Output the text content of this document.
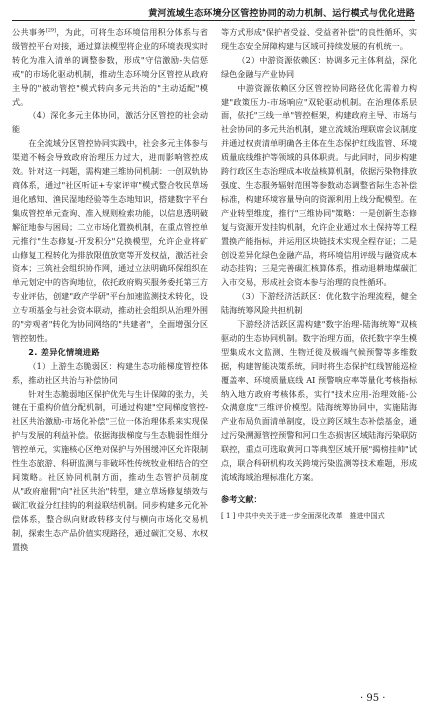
黄河流域生态环境分区管控协同的动力机制、运行模式与优化进路

公共事务[29]，为此，可将生态环境信用积分体系与省级管控平台对接，通过算法模型将企业的环境表现实时转化为准入清单的调整参数，形成"守信激励-失信惩戒"的市场化驱动机制，推动生态环境分区管控从政府主导的"被动管控"模式转向多元共治的"主动适配"模式。

（4）深化多元主体协同，激活分区管控的社会动能

在全流域分区管控协同实践中，社会多元主体参与渠道不畅会导致政府治理压力过大，进而影响管控成效。针对这一问题，需构建三维协同机制：一创双轨协商体系，通过"社区听证+专家评审"模式整合牧民草场退化感知、渔民湿地经验等生态地知识，搭建数字平台集成管控单元查询、准入规则检索功能，以信息透明破解征地参与困局；二立市场化置换机制，在重点管控单元推行"生态修复-开发积分"兑换模型，允许企业将矿山修复工程转化为排放限值放宽等开发权益，激活社会资本；三筑社会组织协作网，通过立法明确环保组织在单元划定中的咨询地位，依托政府购买服务委托第三方专业评估，创建"政产学研"平台加速监测技术转化，设立专项基金与社会资本联动，推动社会组织从治理外围的"旁观者"转化为协同网络的"共建者"，全面增强分区管控韧性。

2. 差异化情境进路

（1）上游生态脆弱区：构建生态功能梯度管控体系，推动社区共治与补偿协同

针对生态脆弱地区保护优先与生计保障的张力，关键在于重构价值分配机制，可通过构建"空间梯度管控-社区共治激励-市场化补偿"三位一体治理体系来实现保护与发展的利益补偿。依据海拔梯度与生态脆弱性细分管控单元，实施核心区绝对保护与外围缓冲区允许限制性生态旅游、科研监测与非破坏性传统牧业相结合的空间策略。社区协同机制方面，推动生态管护员制度从"政府雇佣"向"社区共治"转型，建立草场修复绩效与碳汇收益分红挂钩的利益联结机制。同步构建多元化补偿体系，整合纵向财政转移支付与横向市场化交易机制，探索生态产品价值实现路径，通过碳汇交易、水权置换

等方式形成"保护者受益、受益者补偿"的良性循环，实现生态安全屏障构建与区域可持续发展的有机统一。

（2）中游资源依赖区：协调多元主体利益，深化绿色金融与产业协同

中游资源依赖区分区管控协同路径优化需着力构建"政策压力-市场响应"双轮驱动机制。在治理体系层面，依托"三线一单"管控框架，构建政府主导、市场与社会协同的多元共治机制，建立流域治理联席会议制度并通过权责清单明确各主体在生态保护红线监管、环境质量底线维护等领域的具体职责。与此同时，同步构建跨行政区生态治理成本收益核算机制，依据污染物排放强度、生态服务辐射范围等参数动态调整省际生态补偿标准，构建环境容量导向的资源利用上线分配模型。在产业转型维度，推行"三维协同"策略：一是创新生态修复与资源开发挂钩机制，允许企业通过水土保持等工程置换产能指标，并运用区块链技术实现全程存证；二是创设差异化绿色金融产品，将环境信用评级与融资成本动态挂钩；三是完善碳汇核算体系，推动退耕地煤碳汇入市交易，形成社会资本参与治理的良性循环。

（3）下游经济活跃区：优化数字治理流程，健全陆海统筹风险共担机制

下游经济活跃区需构建"数字治理-陆海统筹"双核驱动的生态协同机制。数字治理方面，依托数字孪生模型集成水文监测、生物迁徙及极端气候预警等多维数据，构建智能决策系统，同时将生态保护红线智能巡检覆盖率、环境质量底线 AI 预警响应率等量化考核指标纳入地方政府考核体系，实行"技术应用-治理效能-公众满意度"三维评价模型。陆海统筹协同中，实施陆海产业布局负面清单制度，设立跨区域生态补偿基金，通过污染溯源管控预警和河口生态损害区域陆海污染联防联控，重点可选取黄河口等典型区域开展"揭榜挂帅"试点，联合科研机构攻关跨境污染监测等技术难题，形成流域海域治理标准化方案。

参考文献：

[ 1 ] 中共中央关于进一步全面深化改革　推进中国式

· 95 ·
